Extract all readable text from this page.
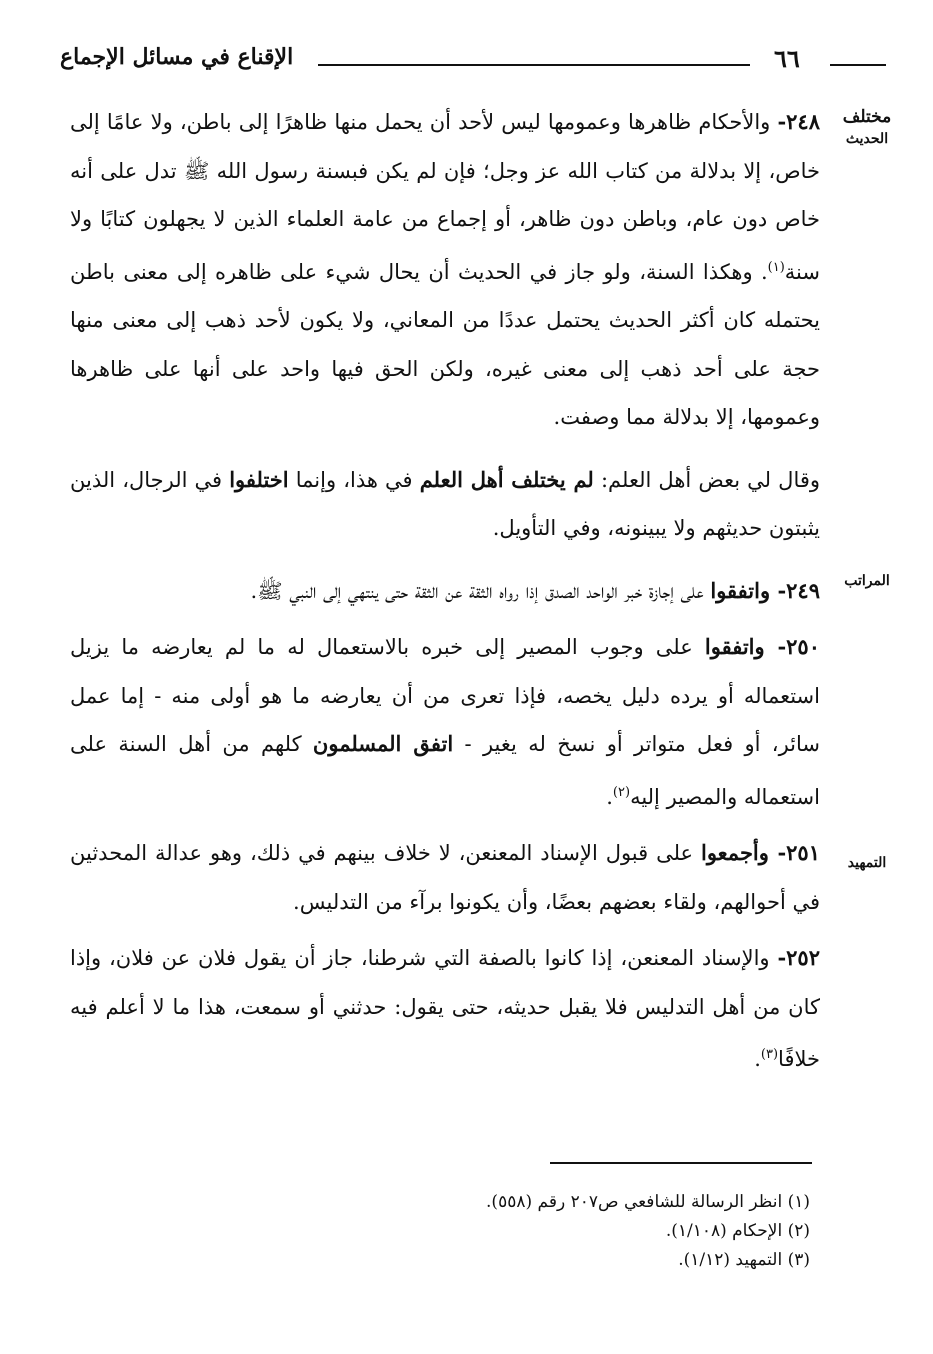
الإقناع في مسائل الإجماع	٦٦
مختلف
الحديث
المراتب
التمهيد

٢٤٨- والأحكام ظاهرها وعمومها ليس لأحد أن يحمل منها ظاهرًا إلى باطن، ولا عامًا إلى خاص، إلا بدلالة من كتاب الله عز وجل؛ فإن لم يكن فبسنة رسول الله ﷺ تدل على أنه خاص دون عام، وباطن دون ظاهر، أو إجماع من عامة العلماء الذين لا يجهلون كتابًا ولا سنة$^{(١)}$. وهكذا السنة، ولو جاز في الحديث أن يحال شيء على ظاهره إلى معنى باطن يحتمله كان أكثر الحديث يحتمل عددًا من المعاني، ولا يكون لأحد ذهب إلى معنى منها حجة على أحد ذهب إلى معنى غيره، ولكن الحق فيها واحد على أنها على ظاهرها وعمومها، إلا بدلالة مما وصفت.

وقال لي بعض أهل العلم: لم يختلف أهل العلم في هذا، وإنما اختلفوا في الرجال، الذين يثبتون حديثهم ولا يبينونه، وفي التأويل.

٢٤٩- واتفقوا على إجازة خبر الواحد الصدق إذا رواه الثقة عن الثقة حتى ينتهي إلى النبي ﷺ.

٢٥٠- واتفقوا على وجوب المصير إلى خبره بالاستعمال له ما لم يعارضه ما يزيل استعماله أو يرده دليل يخصه، فإذا تعرى من أن يعارضه ما هو أولى منه - إما عمل سائر، أو فعل متواتر أو نسخ له يغير - اتفق المسلمون كلهم من أهل السنة على استعماله والمصير إليه$^{(٢)}$.

٢٥١- وأجمعوا على قبول الإسناد المعنعن، لا خلاف بينهم في ذلك، وهو عدالة المحدثين في أحوالهم، ولقاء بعضهم بعضًا، وأن يكونوا برآء من التدليس.

٢٥٢- والإسناد المعنعن، إذا كانوا بالصفة التي شرطنا، جاز أن يقول فلان عن فلان، وإذا كان من أهل التدليس فلا يقبل حديثه، حتى يقول: حدثني أو سمعت، هذا ما لا أعلم فيه خلافًا$^{(٣)}$.

(١) انظر الرسالة للشافعي ص٢٠٧ رقم (٥٥٨).

(٢) الإحكام (١/١٠٨).

(٣) التمهيد (١/١٢).
